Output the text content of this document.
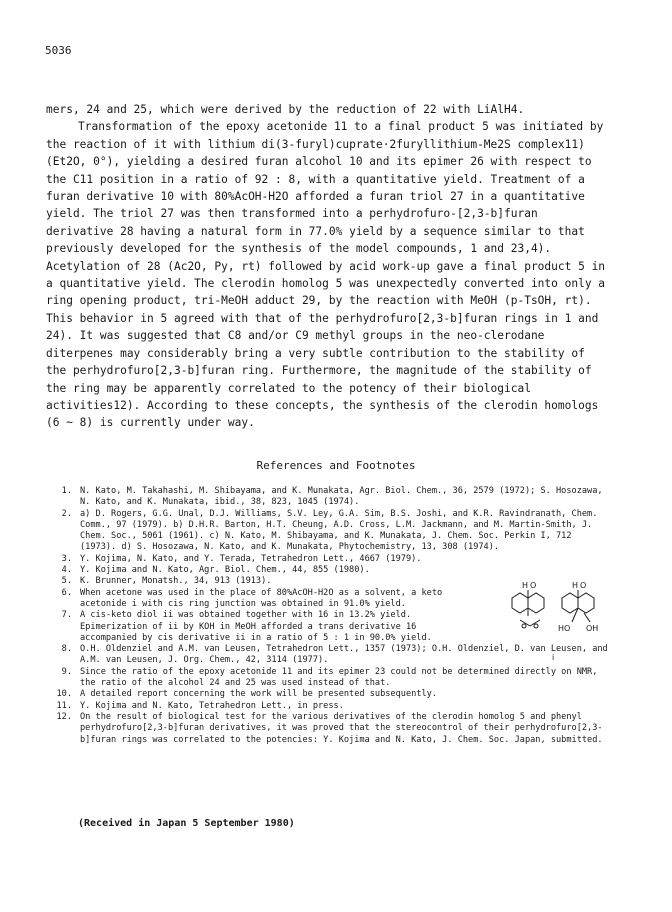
5036

mers, 24 and 25, which were derived by the reduction of 22 with LiAlH4.

Transformation of the epoxy acetonide 11 to a final product 5 was initiated by the reaction of it with lithium di(3-furyl)cuprate·2furyllithium-Me2S complex11) (Et2O, 0°), yielding a desired furan alcohol 10 and its epimer 26 with respect to the C11 position in a ratio of 92 : 8, with a quantitative yield. Treatment of a furan derivative 10 with 80%AcOH-H2O afforded a furan triol 27 in a quantitative yield. The triol 27 was then transformed into a perhydrofuro-[2,3-b]furan derivative 28 having a natural form in 77.0% yield by a sequence similar to that previously developed for the synthesis of the model compounds, 1 and 23,4). Acetylation of 28 (Ac2O, Py, rt) followed by acid work-up gave a final product 5 in a quantitative yield. The clerodin homolog 5 was unexpectedly converted into only a ring opening product, tri-MeOH adduct 29, by the reaction with MeOH (p-TsOH, rt). This behavior in 5 agreed with that of the perhydrofuro[2,3-b]furan rings in 1 and 24). It was suggested that C8 and/or C9 methyl groups in the neo-clerodane diterpenes may considerably bring a very subtle contribution to the stability of the perhydrofuro[2,3-b]furan ring. Furthermore, the magnitude of the stability of the ring may be apparently correlated to the potency of their biological activities12). According to these concepts, the synthesis of the clerodin homologs (6 ~ 8) is currently under way.

References and Footnotes
1. N. Kato, M. Takahashi, M. Shibayama, and K. Munakata, Agr. Biol. Chem., 36, 2579 (1972); S. Hosozawa, N. Kato, and K. Munakata, ibid., 38, 823, 1045 (1974).
2. a) D. Rogers, G.G. Unal, D.J. Williams, S.V. Ley, G.A. Sim, B.S. Joshi, and K.R. Ravindranath, Chem. Comm., 97 (1979). b) D.H.R. Barton, H.T. Cheung, A.D. Cross, L.M. Jackmann, and M. Martin-Smith, J. Chem. Soc., 5061 (1961). c) N. Kato, M. Shibayama, and K. Munakata, J. Chem. Soc. Perkin I, 712 (1973). d) S. Hosozawa, N. Kato, and K. Munakata, Phytochemistry, 13, 308 (1974).
3. Y. Kojima, N. Kato, and Y. Terada, Tetrahedron Lett., 4667 (1979).
4. Y. Kojima and N. Kato, Agr. Biol. Chem., 44, 855 (1980).
5. K. Brunner, Monatsh., 34, 913 (1913).
6. When acetone was used in the place of 80%AcOH-H2O as a solvent, a keto acetonide i with cis ring junction was obtained in 91.0% yield.
7. A cis-keto diol ii was obtained together with 16 in 13.2% yield. Epimerization of ii by KOH in MeOH afforded a trans derivative 16 accompanied by cis derivative ii in a ratio of 5 : 1 in 90.0% yield.
8. O.H. Oldenziel and A.M. van Leusen, Tetrahedron Lett., 1357 (1973); O.H. Oldenziel, D. van Leusen, and A.M. van Leusen, J. Org. Chem., 42, 3114 (1977).
9. Since the ratio of the epoxy acetonide 11 and its epimer 23 could not be determined directly on NMR, the ratio of the alcohol 24 and 25 was used instead of that.
10. A detailed report concerning the work will be presented subsequently.
11. Y. Kojima and N. Kato, Tetrahedron Lett., in press.
12. On the result of biological test for the various derivatives of the clerodin homolog 5 and phenyl perhydrofuro[2,3-b]furan derivatives, it was proved that the stereocontrol of their perhydrofuro[2,3-b]furan rings was correlated to the potencies: Y. Kojima and N. Kato, J. Chem. Soc. Japan, submitted.
H O
i
H O
HO OH
(Received in Japan 5 September 1980)
